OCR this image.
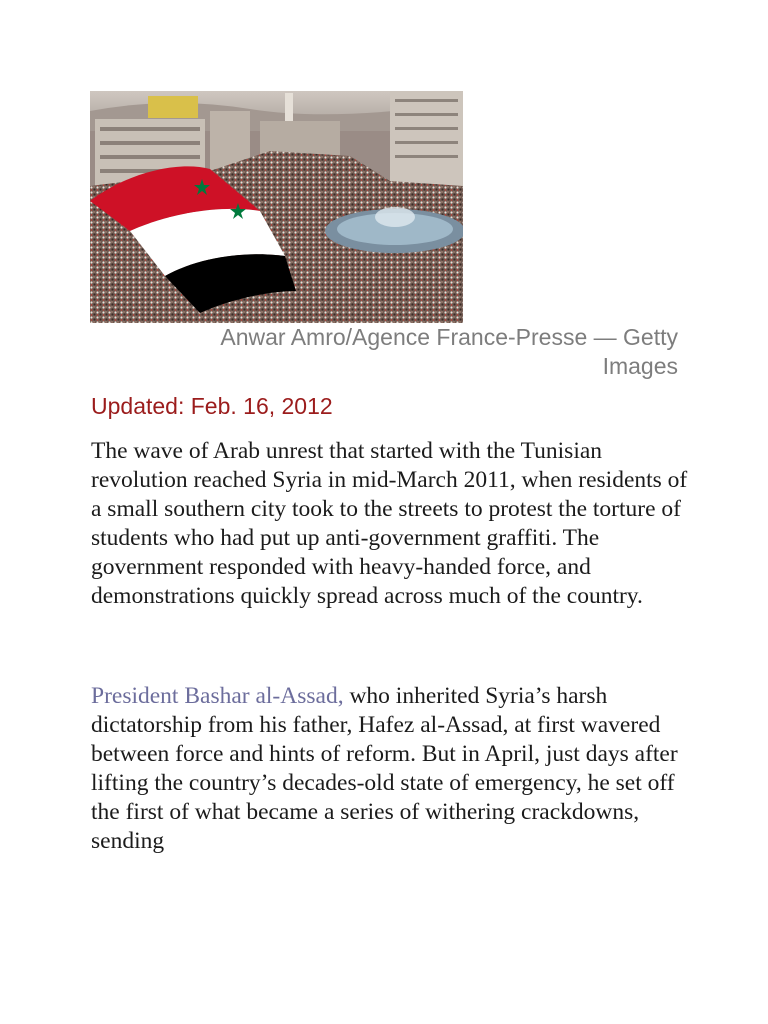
Anwar Amro/Agence France-Presse — Getty Images
Updated: Feb. 16, 2012

The wave of Arab unrest that started with the Tunisian revolution reached Syria in mid-March 2011, when residents of a small southern city took to the streets to protest the torture of students who had put up anti-government graffiti. The government responded with heavy-handed force, and demonstrations quickly spread across much of the country.

President Bashar al-Assad, who inherited Syria’s harsh dictatorship from his father, Hafez al-Assad, at first wavered between force and hints of reform. But in April, just days after lifting the country’s decades-old state of emergency, he set off the first of what became a series of withering crackdowns, sending
